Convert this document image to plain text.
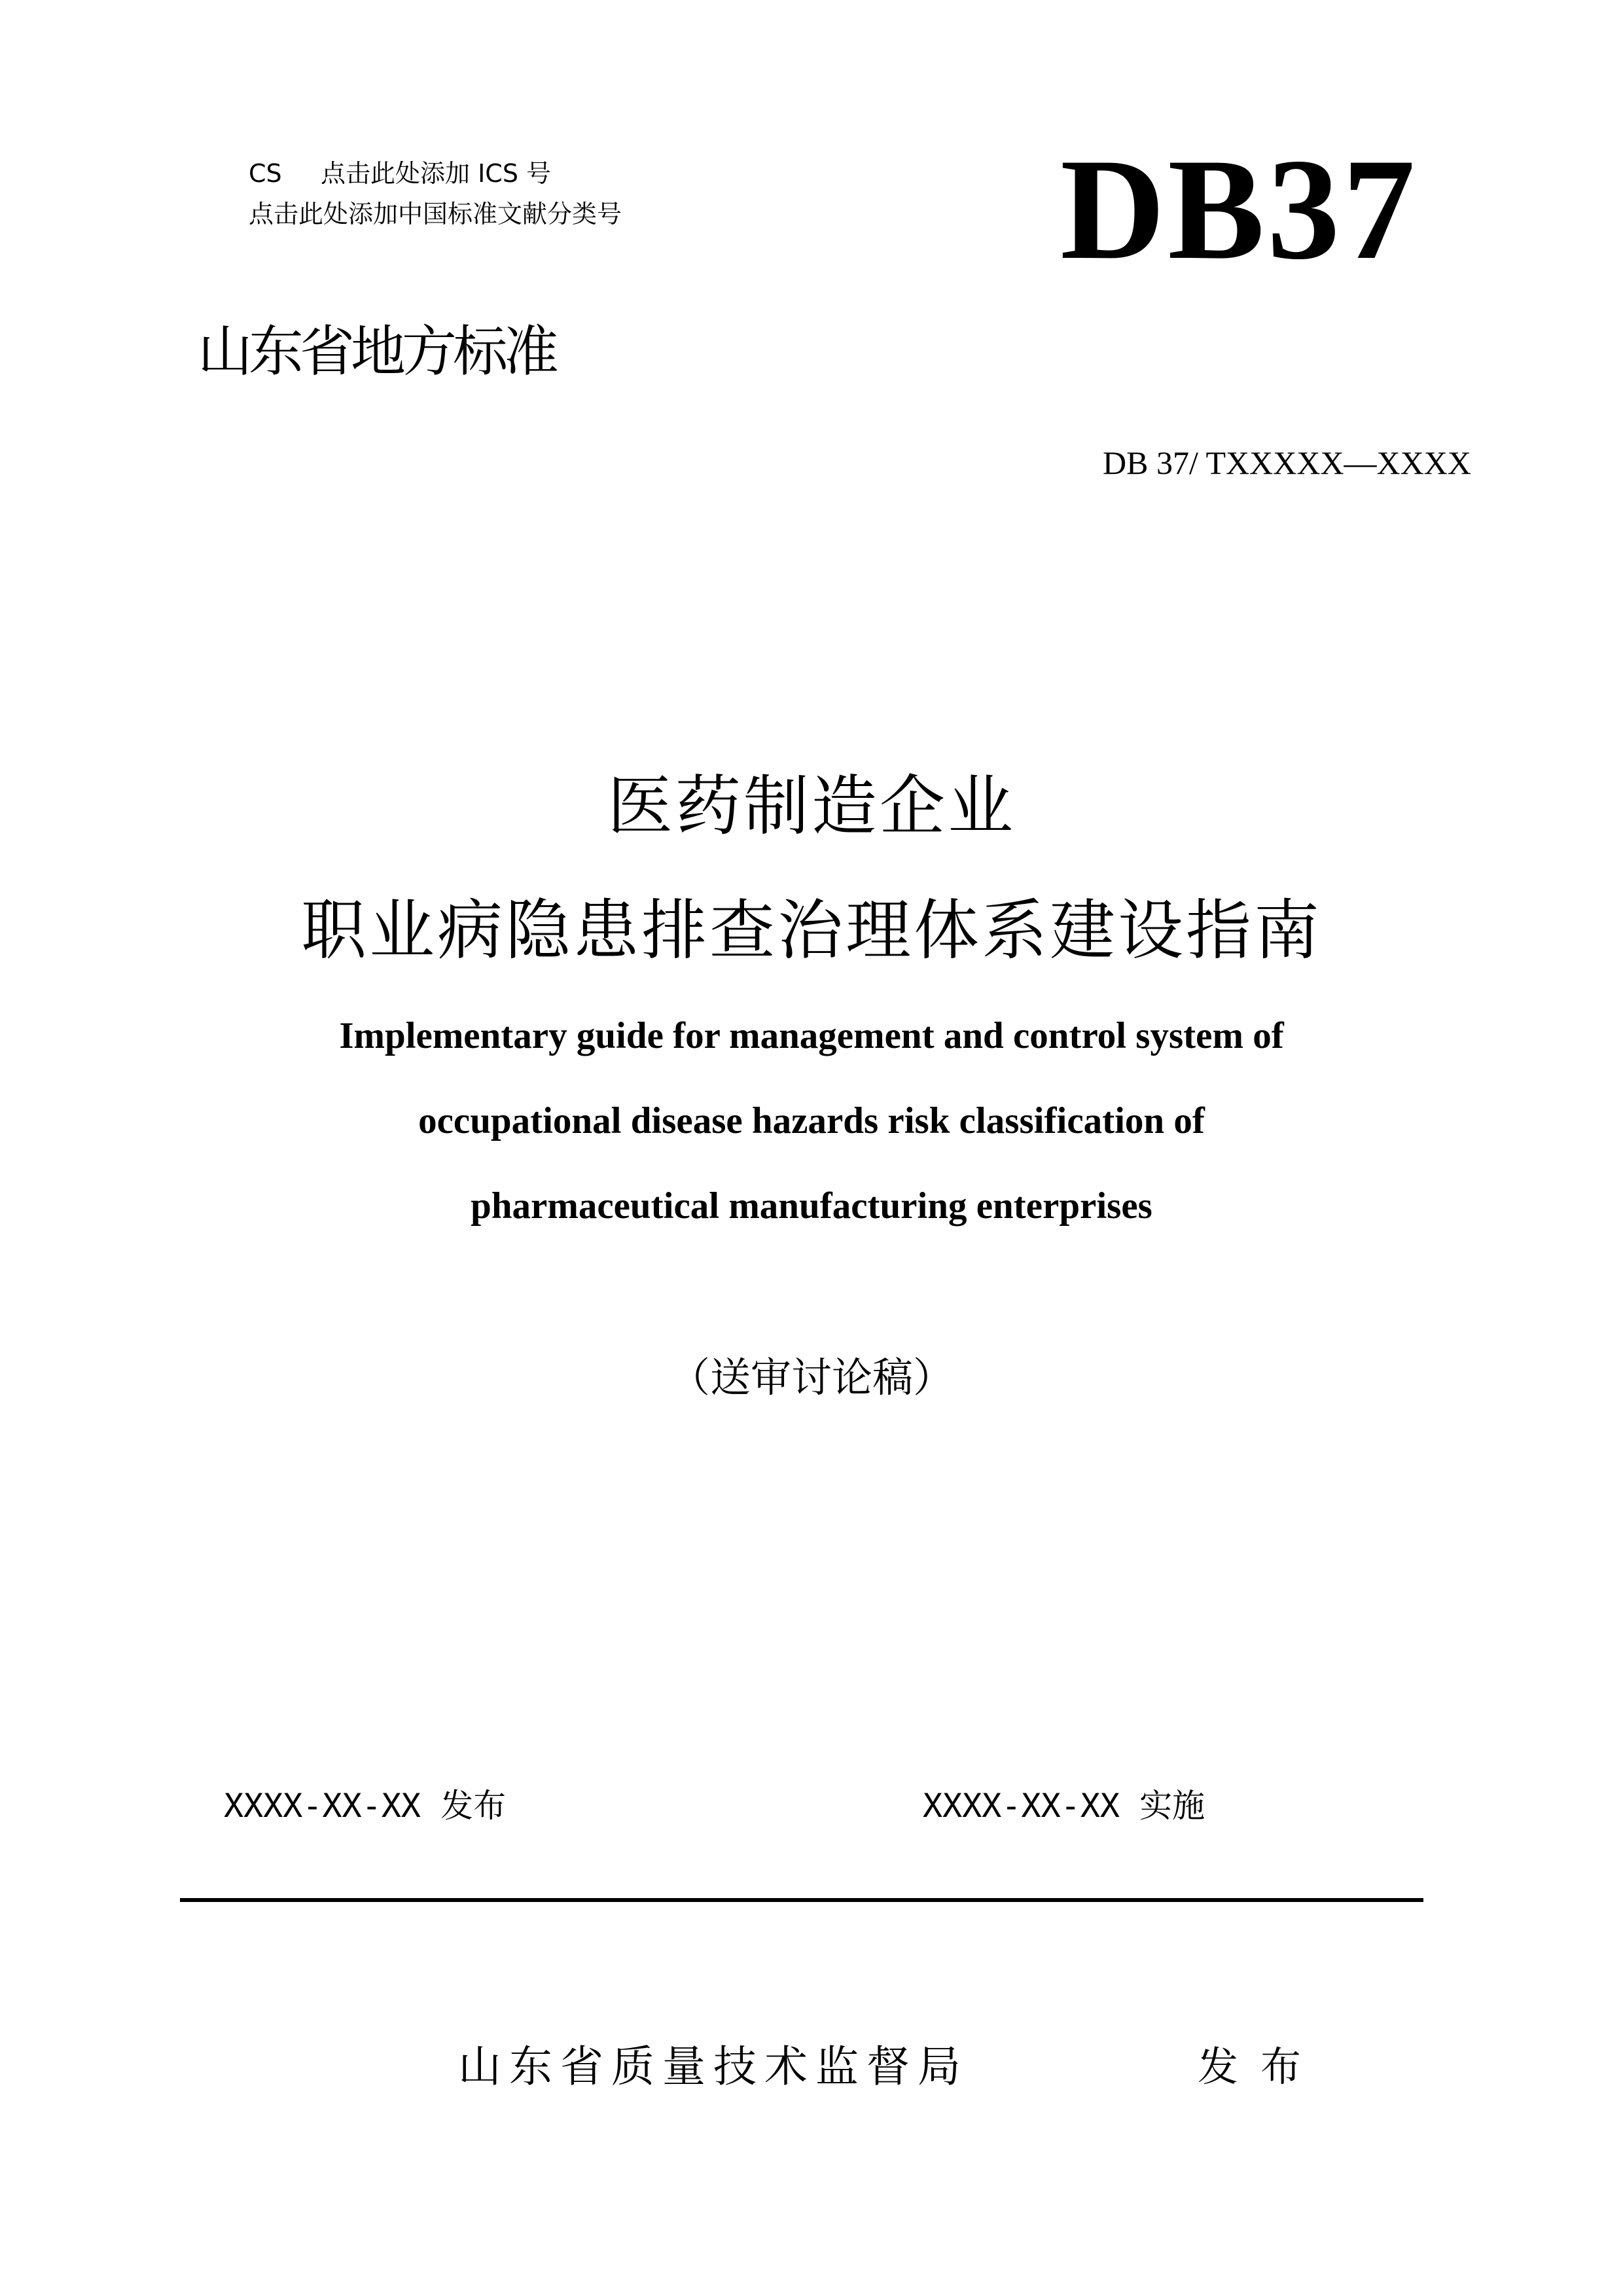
CS 点击此处添加 ICS 号
点击此处添加中国标准文献分类号	DB37
山东省地方标准
DB 37/ TXXXXX—XXXX
医药制造企业
职业病隐患排查治理体系建设指南
Implementary guide for management and control system of
occupational disease hazards risk classification of
pharmaceutical manufacturing enterprises
（送审讨论稿）
XXXX-XX-XX 发布	XXXX-XX-XX 实施
山东省质量技术监督局	发布
